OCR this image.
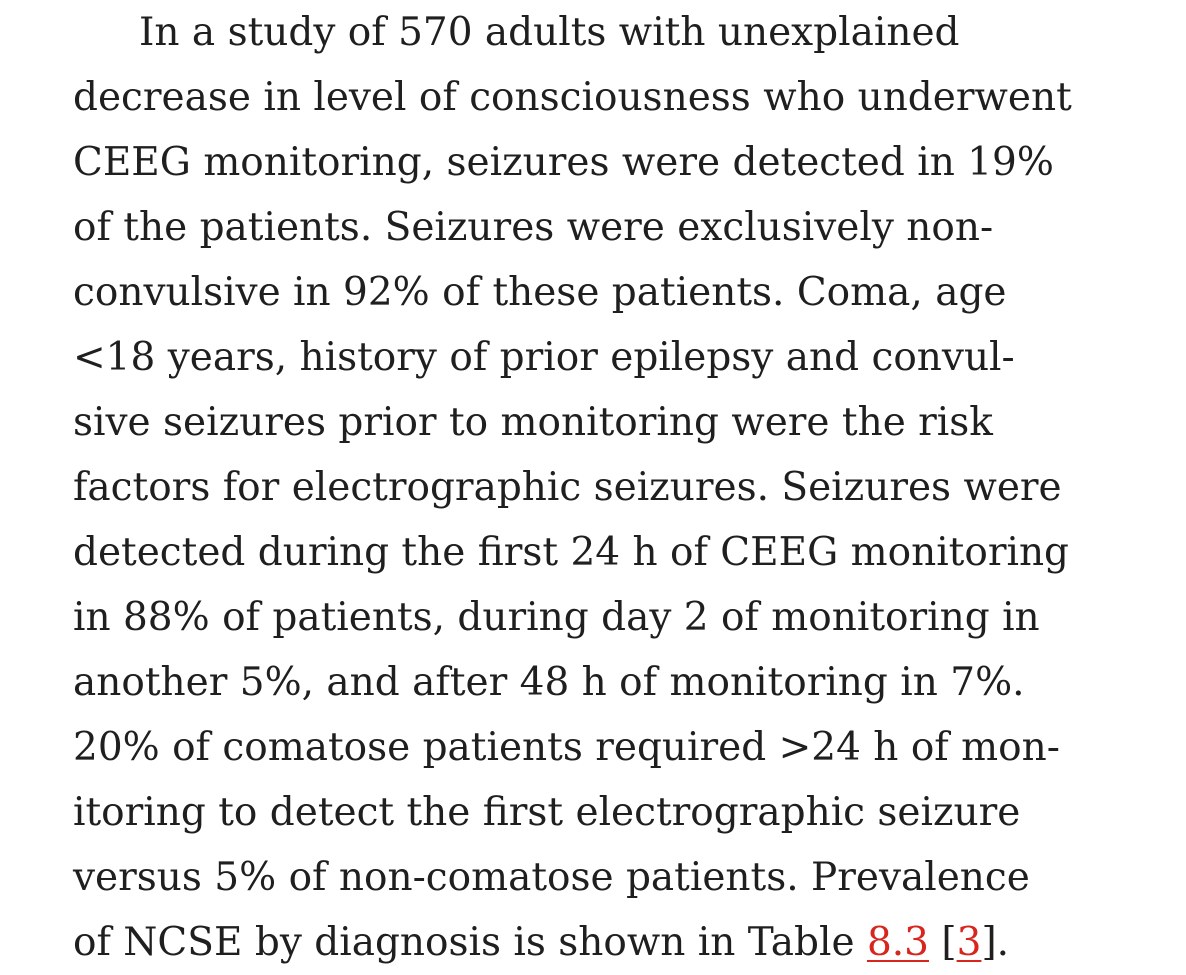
In a study of 570 adults with unexplained
decrease in level of consciousness who underwent
CEEG monitoring, seizures were detected in 19%
of the patients. Seizures were exclusively non-
convulsive in 92% of these patients. Coma, age
<18 years, history of prior epilepsy and convul-
sive seizures prior to monitoring were the risk
factors for electrographic seizures. Seizures were
detected during the first 24 h of CEEG monitoring
in 88% of patients, during day 2 of monitoring in
another 5%, and after 48 h of monitoring in 7%.
20% of comatose patients required >24 h of mon-
itoring to detect the first electrographic seizure
versus 5% of non-comatose patients. Prevalence
of NCSE by diagnosis is shown in Table 8.3 [3].
